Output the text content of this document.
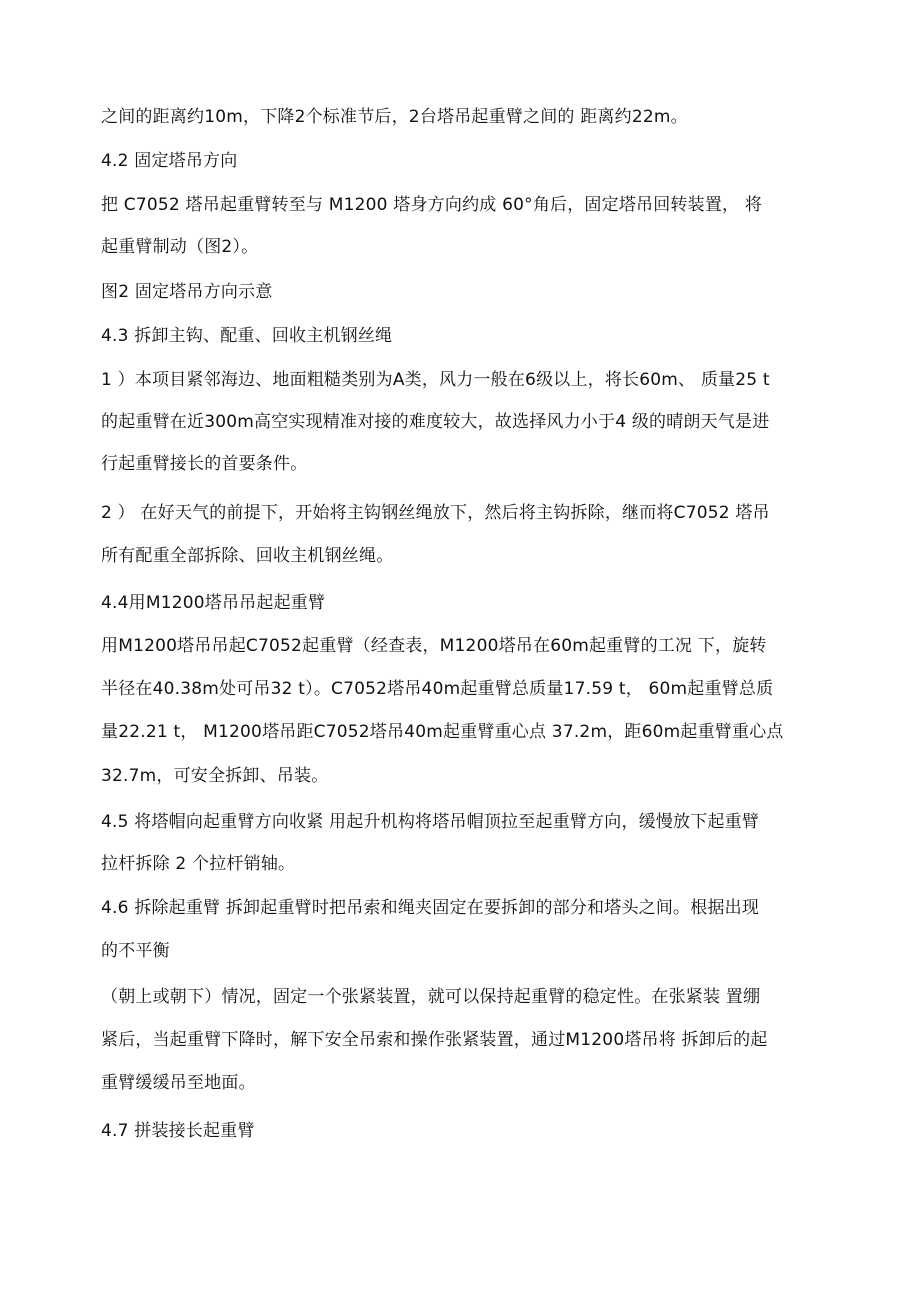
之间的距离约10m，下降2个标准节后，2台塔吊起重臂之间的 距离约22m。
4.2 固定塔吊方向
把 C7052 塔吊起重臂转至与 M1200 塔身方向约成 60°角后，固定塔吊回转装置， 将
起重臂制动（图2）。
图2 固定塔吊方向示意
4.3 拆卸主钩、配重、回收主机钢丝绳
1 ）本项目紧邻海边、地面粗糙类别为A类，风力一般在6级以上，将长60m、 质量25 t
的起重臂在近300m高空实现精准对接的难度较大，故选择风力小于4 级的晴朗天气是进
行起重臂接长的首要条件。
2 ） 在好天气的前提下，开始将主钩钢丝绳放下，然后将主钩拆除，继而将C7052 塔吊
所有配重全部拆除、回收主机钢丝绳。
4.4用M1200塔吊吊起起重臂
用M1200塔吊吊起C7052起重臂（经查表，M1200塔吊在60m起重臂的工况 下，旋转
半径在40.38m处可吊32 t）。C7052塔吊40m起重臂总质量17.59 t， 60m起重臂总质
量22.21 t， M1200塔吊距C7052塔吊40m起重臂重心点 37.2m，距60m起重臂重心点
32.7m，可安全拆卸、吊装。
4.5 将塔帽向起重臂方向收紧 用起升机构将塔吊帽顶拉至起重臂方向，缓慢放下起重臂
拉杆拆除 2 个拉杆销轴。
4.6 拆除起重臂 拆卸起重臂时把吊索和绳夹固定在要拆卸的部分和塔头之间。根据出现
的不平衡
（朝上或朝下）情况，固定一个张紧装置，就可以保持起重臂的稳定性。在张紧装 置绷
紧后，当起重臂下降时，解下安全吊索和操作张紧装置，通过M1200塔吊将 拆卸后的起
重臂缓缓吊至地面。
4.7 拼装接长起重臂
